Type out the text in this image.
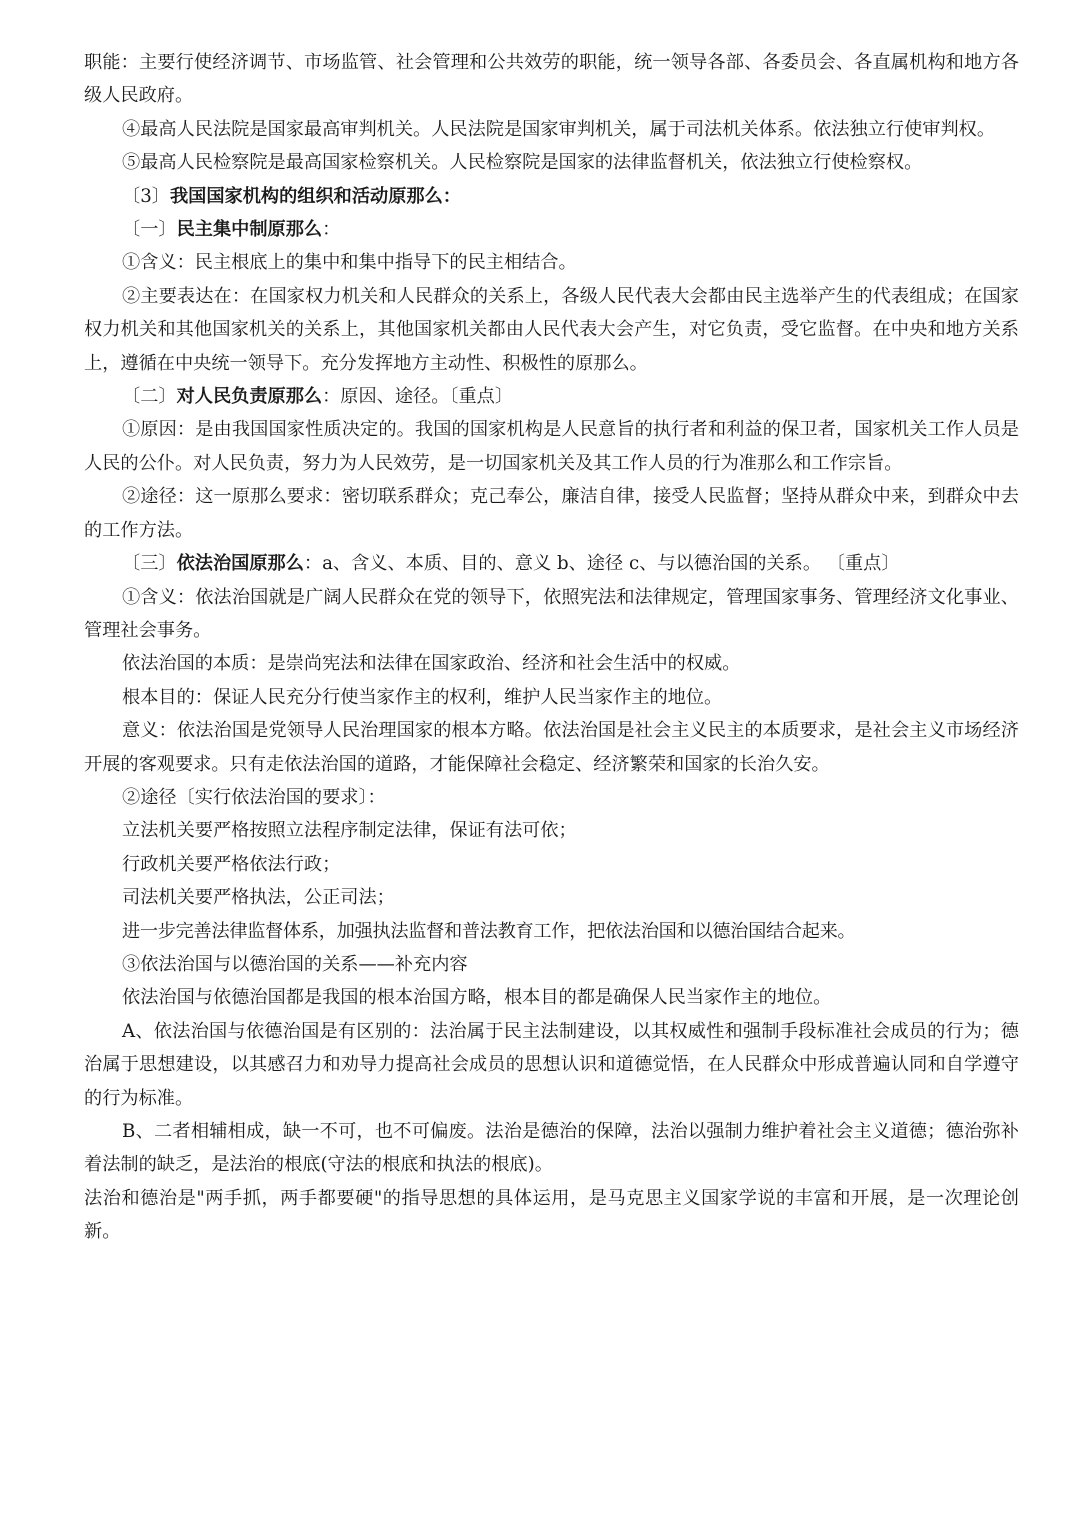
职能：主要行使经济调节、市场监管、社会管理和公共效劳的职能，统一领导各部、各委员会、各直属机构和地方各级人民政府。

④最高人民法院是国家最高审判机关。人民法院是国家审判机关，属于司法机关体系。依法独立行使审判权。

⑤最高人民检察院是最高国家检察机关。人民检察院是国家的法律监督机关，依法独立行使检察权。

〔3〕我国国家机构的组织和活动原那么：

〔一〕民主集中制原那么：

①含义：民主根底上的集中和集中指导下的民主相结合。

②主要表达在：在国家权力机关和人民群众的关系上，各级人民代表大会都由民主选举产生的代表组成；在国家权力机关和其他国家机关的关系上，其他国家机关都由人民代表大会产生，对它负责，受它监督。在中央和地方关系上，遵循在中央统一领导下。充分发挥地方主动性、积极性的原那么。

〔二〕对人民负责原那么：原因、途径。〔重点〕

①原因：是由我国国家性质决定的。我国的国家机构是人民意旨的执行者和利益的保卫者，国家机关工作人员是人民的公仆。对人民负责，努力为人民效劳，是一切国家机关及其工作人员的行为准那么和工作宗旨。

②途径：这一原那么要求：密切联系群众；克己奉公，廉洁自律，接受人民监督；坚持从群众中来，到群众中去的工作方法。

〔三〕依法治国原那么：a、含义、本质、目的、意义 b、途径 c、与以德治国的关系。 〔重点〕

①含义：依法治国就是广阔人民群众在党的领导下，依照宪法和法律规定，管理国家事务、管理经济文化事业、管理社会事务。

依法治国的本质：是崇尚宪法和法律在国家政治、经济和社会生活中的权威。

根本目的：保证人民充分行使当家作主的权利，维护人民当家作主的地位。

意义：依法治国是党领导人民治理国家的根本方略。依法治国是社会主义民主的本质要求，是社会主义市场经济开展的客观要求。只有走依法治国的道路，才能保障社会稳定、经济繁荣和国家的长治久安。

②途径〔实行依法治国的要求〕：

立法机关要严格按照立法程序制定法律，保证有法可依；

行政机关要严格依法行政；

司法机关要严格执法，公正司法；

进一步完善法律监督体系，加强执法监督和普法教育工作，把依法治国和以德治国结合起来。

③依法治国与以德治国的关系——补充内容

依法治国与依德治国都是我国的根本治国方略，根本目的都是确保人民当家作主的地位。

A、依法治国与依德治国是有区别的：法治属于民主法制建设，以其权威性和强制手段标准社会成员的行为；德治属于思想建设，以其感召力和劝导力提高社会成员的思想认识和道德觉悟，在人民群众中形成普遍认同和自学遵守的行为标准。

B、二者相辅相成，缺一不可，也不可偏废。法治是德治的保障，法治以强制力维护着社会主义道德；德治弥补着法制的缺乏，是法治的根底(守法的根底和执法的根底)。

法治和德治是"两手抓，两手都要硬"的指导思想的具体运用，是马克思主义国家学说的丰富和开展，是一次理论创新。
